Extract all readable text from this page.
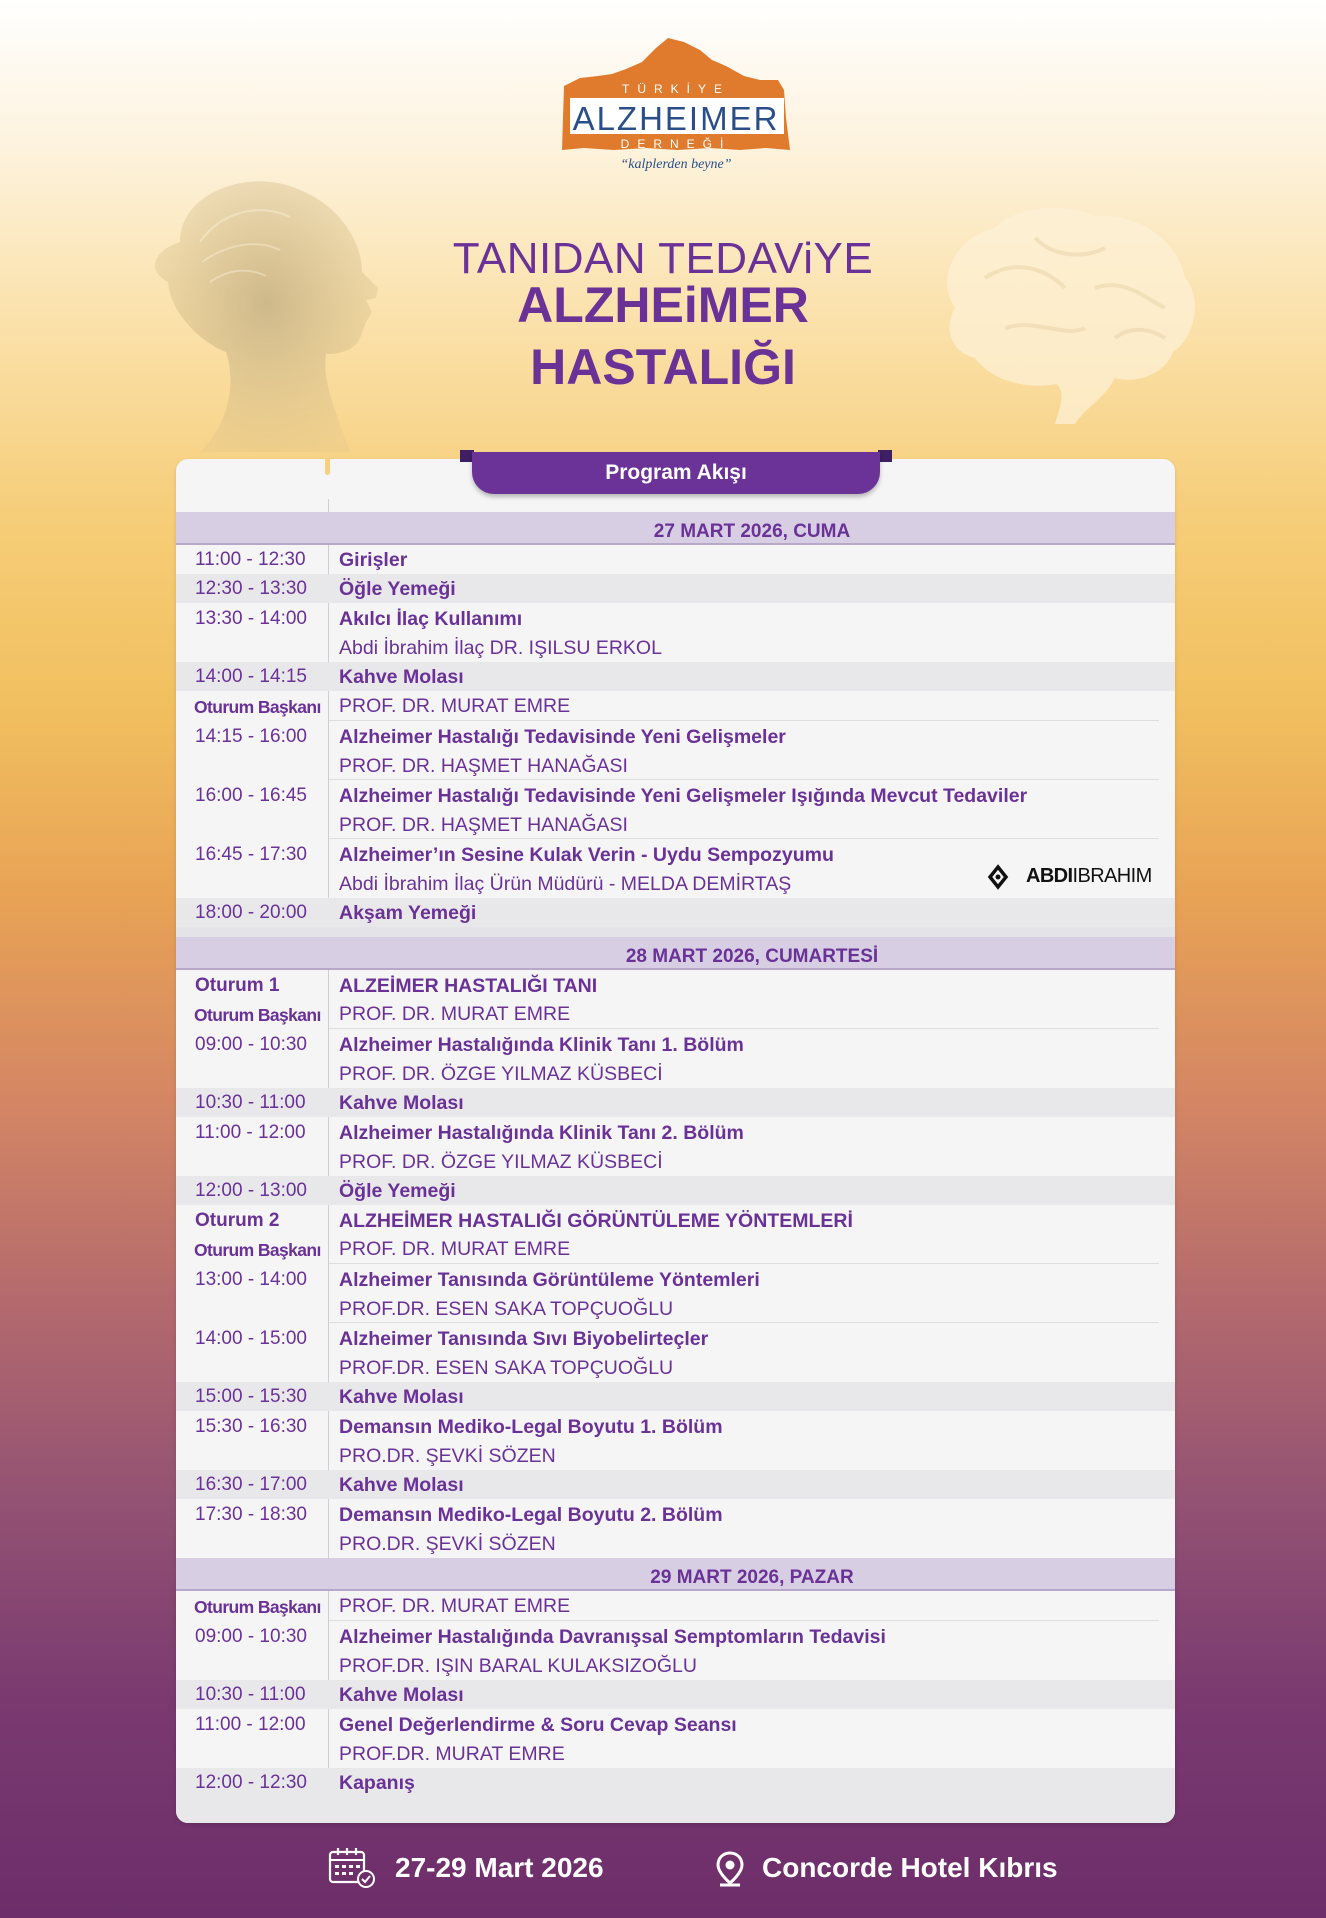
TÜRKİYE
ALZHEIMER
DERNEĞİ
“kalplerden beyne”
TANIDAN TEDAViYE
ALZHEiMER
HASTALIĞI
27 MART 2026, CUMA
11:00 - 12:30 Girişler
12:30 - 13:30 Öğle Yemeği
13:30 - 14:00 Akılcı İlaç Kullanımı
Abdi İbrahim İlaç DR. IŞILSU ERKOL
14:00 - 14:15 Kahve Molası
Oturum Başkanı PROF. DR. MURAT EMRE
14:15 - 16:00 Alzheimer Hastalığı Tedavisinde Yeni Gelişmeler
PROF. DR. HAŞMET HANAĞASI
16:00 - 16:45 Alzheimer Hastalığı Tedavisinde Yeni Gelişmeler Işığında Mevcut Tedaviler
PROF. DR. HAŞMET HANAĞASI
16:45 - 17:30 Alzheimer’ın Sesine Kulak Verin - Uydu Sempozyumu
Abdi İbrahim İlaç Ürün Müdürü - MELDA DEMİRTAŞ	ABDIIBRAHIM
18:00 - 20:00 Akşam Yemeği
28 MART 2026, CUMARTESİ
Oturum 1	ALZEİMER HASTALIĞI TANI
Oturum Başkanı PROF. DR. MURAT EMRE
09:00 - 10:30 Alzheimer Hastalığında Klinik Tanı 1. Bölüm
PROF. DR. ÖZGE YILMAZ KÜSBECİ
10:30 - 11:00 Kahve Molası
11:00 - 12:00 Alzheimer Hastalığında Klinik Tanı 2. Bölüm
PROF. DR. ÖZGE YILMAZ KÜSBECİ
12:00 - 13:00 Öğle Yemeği
Oturum 2	ALZHEİMER HASTALIĞI GÖRÜNTÜLEME YÖNTEMLERİ
Oturum Başkanı PROF. DR. MURAT EMRE
13:00 - 14:00 Alzheimer Tanısında Görüntüleme Yöntemleri
PROF.DR. ESEN SAKA TOPÇUOĞLU
14:00 - 15:00 Alzheimer Tanısında Sıvı Biyobelirteçler
PROF.DR. ESEN SAKA TOPÇUOĞLU
15:00 - 15:30 Kahve Molası
15:30 - 16:30 Demansın Mediko-Legal Boyutu 1. Bölüm
PRO.DR. ŞEVKİ SÖZEN
16:30 - 17:00 Kahve Molası
17:30 - 18:30 Demansın Mediko-Legal Boyutu 2. Bölüm
PRO.DR. ŞEVKİ SÖZEN
29 MART 2026, PAZAR
Oturum Başkanı PROF. DR. MURAT EMRE
09:00 - 10:30 Alzheimer Hastalığında Davranışsal Semptomların Tedavisi
PROF.DR. IŞIN BARAL KULAKSIZOĞLU
10:30 - 11:00 Kahve Molası
11:00 - 12:00 Genel Değerlendirme & Soru Cevap Seansı
PROF.DR. MURAT EMRE
12:00 - 12:30 Kapanış
Program Akışı
27-29 Mart 2026	Concorde Hotel Kıbrıs
